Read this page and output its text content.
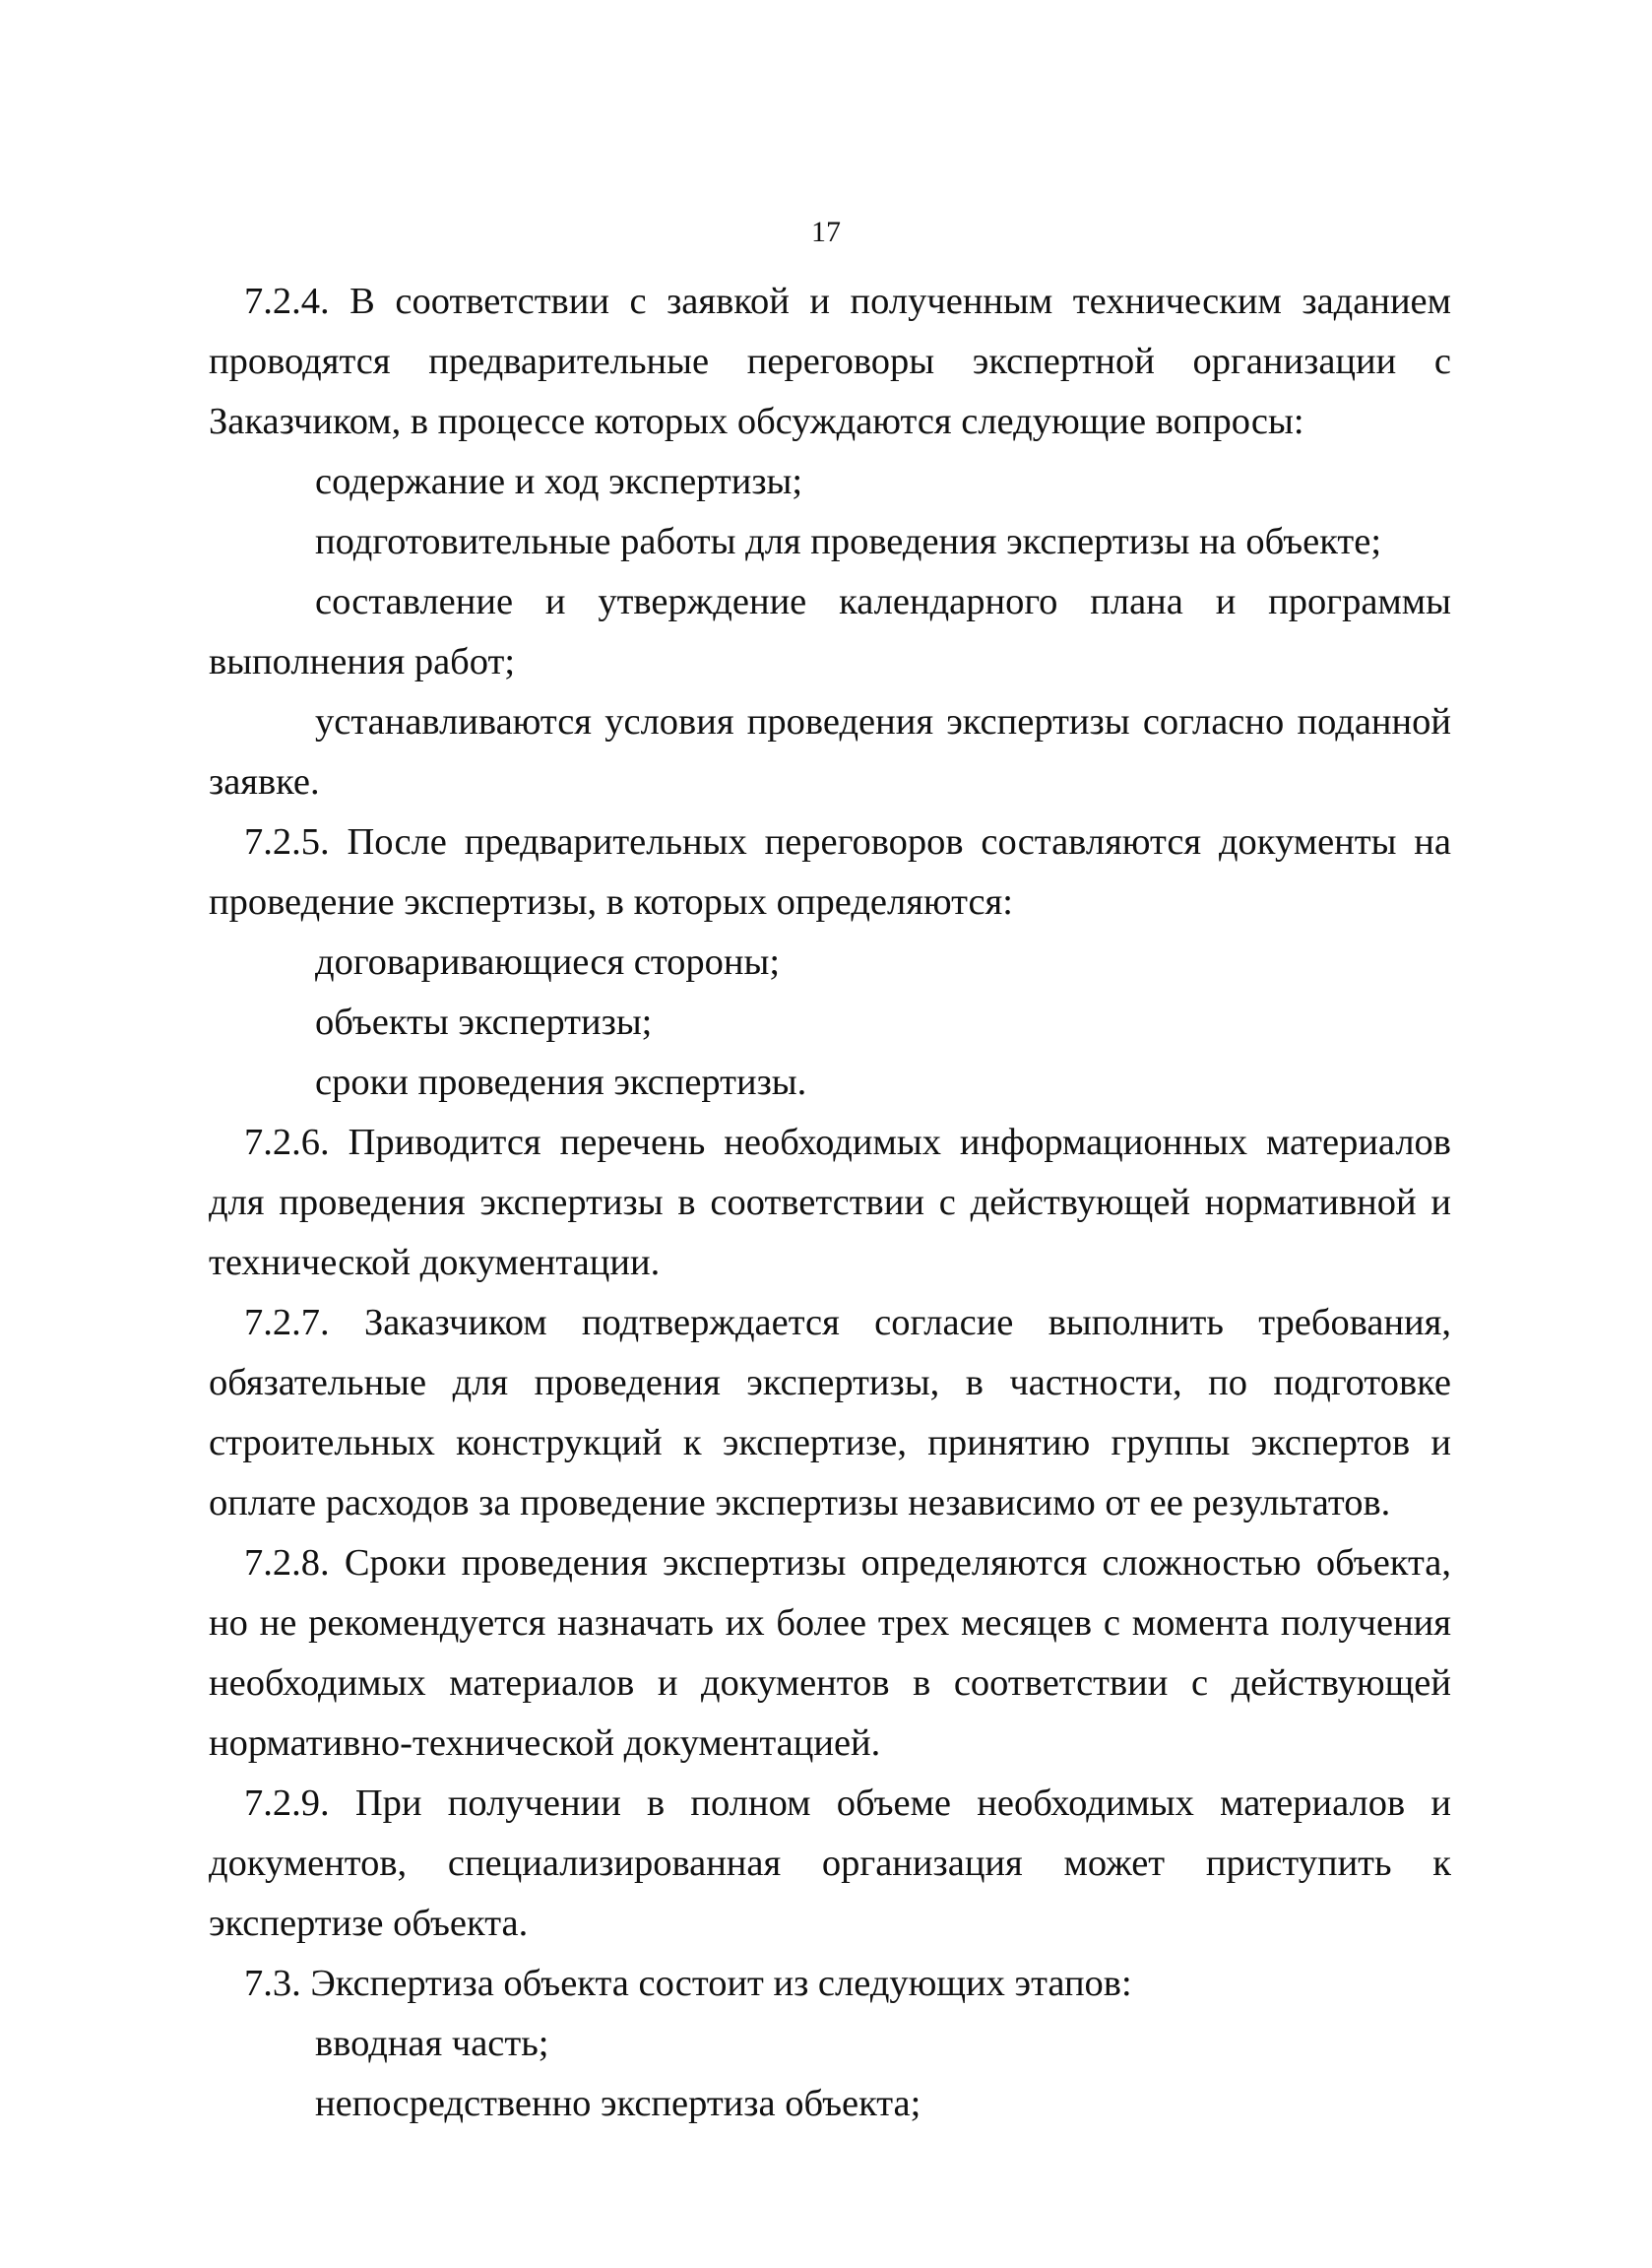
17

7.2.4. В соответствии с заявкой и полученным техническим заданием проводятся предварительные переговоры экспертной организации с Заказчиком, в процессе которых обсуждаются следующие вопросы:

содержание и ход экспертизы;

подготовительные работы для проведения экспертизы на объекте;

составление и утверждение календарного плана и программы выполнения работ;

устанавливаются условия проведения экспертизы согласно поданной заявке.

7.2.5. После предварительных переговоров составляются документы на проведение экспертизы, в которых определяются:

договаривающиеся стороны;

объекты экспертизы;

сроки проведения экспертизы.

7.2.6. Приводится перечень необходимых информационных материалов для проведения экспертизы в соответствии с действующей нормативной и технической документации.

7.2.7. Заказчиком подтверждается согласие выполнить требования, обязательные для проведения экспертизы, в частности, по подготовке строительных конструкций к экспертизе, принятию группы экспертов и оплате расходов за проведение экспертизы независимо от ее результатов.

7.2.8. Сроки проведения экспертизы определяются сложностью объекта, но не рекомендуется назначать их более трех месяцев с момента получения необходимых материалов и документов в соответствии с действующей нормативно-технической документацией.

7.2.9. При получении в полном объеме необходимых материалов и документов, специализированная организация может приступить к экспертизе объекта.

7.3. Экспертиза объекта состоит из следующих этапов:

вводная часть;

непосредственно экспертиза объекта;
